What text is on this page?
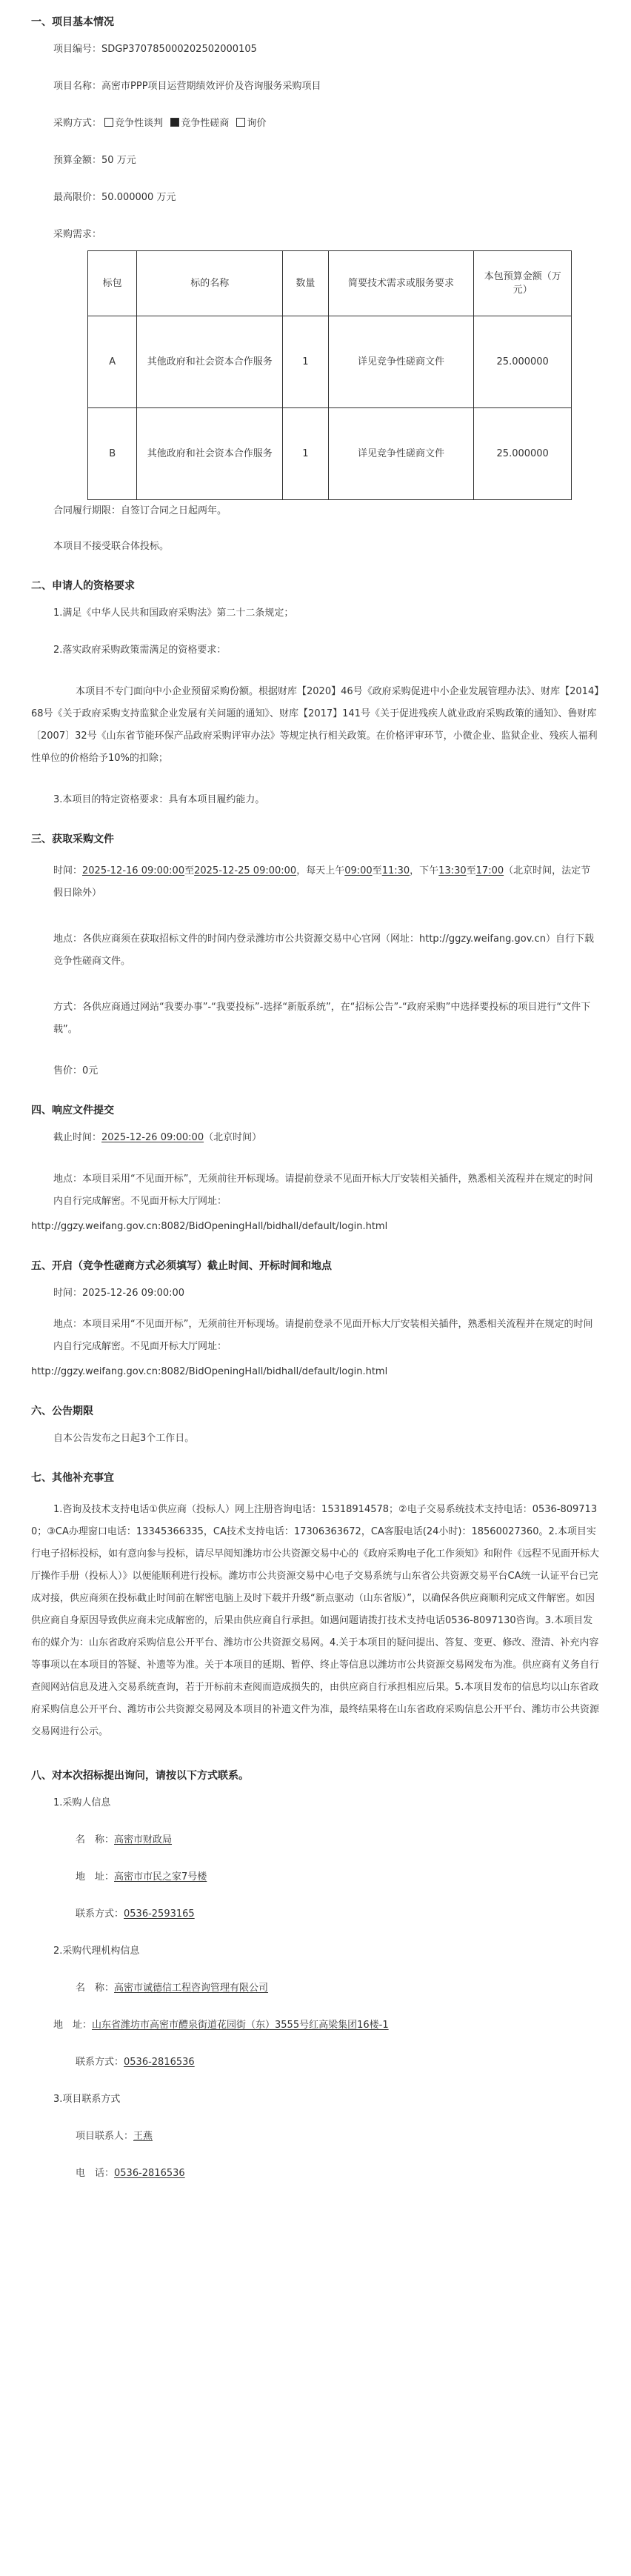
一、项目基本情况

项目编号：SDGP370785000202502000105

项目名称：高密市PPP项目运营期绩效评价及咨询服务采购项目

采购方式： 竞争性谈判 竞争性磋商 询价

预算金额：50 万元

最高限价：50.000000 万元

采购需求：

标包	标的名称	数量	简要技术需求或服务要求	本包预算金额（万元）
A	其他政府和社会资本合作服务	1	详见竞争性磋商文件	25.000000
B	其他政府和社会资本合作服务	1	详见竞争性磋商文件	25.000000

合同履行期限：自签订合同之日起两年。

本项目不接受联合体投标。

二、申请人的资格要求

1.满足《中华人民共和国政府采购法》第二十二条规定；

2.落实政府采购政策需满足的资格要求：

本项目不专门面向中小企业预留采购份额。根据财库【2020】46号《政府采购促进中小企业发展管理办法》、财库【2014】68号《关于政府采购支持监狱企业发展有关问题的通知》、财库【2017】141号《关于促进残疾人就业政府采购政策的通知》、鲁财库〔2007〕32号《山东省节能环保产品政府采购评审办法》等规定执行相关政策。在价格评审环节，小微企业、监狱企业、残疾人福利性单位的价格给予10%的扣除；

3.本项目的特定资格要求：具有本项目履约能力。

三、获取采购文件

时间：2025-12-16 09:00:00至2025-12-25 09:00:00，每天上午09:00至11:30，下午13:30至17:00（北京时间，法定节假日除外）

地点：各供应商须在获取招标文件的时间内登录潍坊市公共资源交易中心官网（网址：http://ggzy.weifang.gov.cn）自行下载竞争性磋商文件。

方式：各供应商通过网站“我要办事”-“我要投标”-选择“新版系统”，在“招标公告”-“政府采购”中选择要投标的项目进行“文件下载”。

售价：0元

四、响应文件提交

截止时间：2025-12-26 09:00:00（北京时间）

地点：本项目采用“不见面开标”，无须前往开标现场。请提前登录不见面开标大厅安装相关插件，熟悉相关流程并在规定的时间内自行完成解密。不见面开标大厅网址：

http://ggzy.weifang.gov.cn:8082/BidOpeningHall/bidhall/default/login.html

五、开启（竞争性磋商方式必须填写）截止时间、开标时间和地点

时间：2025-12-26 09:00:00

地点：本项目采用“不见面开标”，无须前往开标现场。请提前登录不见面开标大厅安装相关插件，熟悉相关流程并在规定的时间内自行完成解密。不见面开标大厅网址：

http://ggzy.weifang.gov.cn:8082/BidOpeningHall/bidhall/default/login.html

六、公告期限

自本公告发布之日起3个工作日。

七、其他补充事宜

1.咨询及技术支持电话①供应商（投标人）网上注册咨询电话：15318914578；②电子交易系统技术支持电话：0536-8097130；③CA办理窗口电话：13345366335，CA技术支持电话：17306363672，CA客服电话(24小时)：18560027360。2.本项目实行电子招标投标，如有意向参与投标，请尽早阅知潍坊市公共资源交易中心的《政府采购电子化工作须知》和附件《远程不见面开标大厅操作手册（投标人）》以便能顺利进行投标。潍坊市公共资源交易中心电子交易系统与山东省公共资源交易平台CA统一认证平台已完成对接，供应商须在投标截止时间前在解密电脑上及时下载并升级“新点驱动（山东省版）”，以确保各供应商顺利完成文件解密。如因供应商自身原因导致供应商未完成解密的，后果由供应商自行承担。如遇问题请拨打技术支持电话0536-8097130咨询。3.本项目发布的媒介为：山东省政府采购信息公开平台、潍坊市公共资源交易网。4.关于本项目的疑问提出、答复、变更、修改、澄清、补充内容等事项以在本项目的答疑、补遗等为准。关于本项目的延期、暂停、终止等信息以潍坊市公共资源交易网发布为准。供应商有义务自行查阅网站信息及进入交易系统查询，若于开标前未查阅而造成损失的，由供应商自行承担相应后果。5.本项目发布的信息均以山东省政府采购信息公开平台、潍坊市公共资源交易网及本项目的补遗文件为准，最终结果将在山东省政府采购信息公开平台、潍坊市公共资源交易网进行公示。

八、对本次招标提出询问，请按以下方式联系。

1.采购人信息

名　称：高密市财政局

地　址：高密市市民之家7号楼

联系方式：0536-2593165

2.采购代理机构信息

名　称：高密市诚德信工程咨询管理有限公司

地　址：山东省潍坊市高密市醴泉街道花园街（东）3555号红高梁集团16楼-1

联系方式：0536-2816536

3.项目联系方式

项目联系人：王燕

电　话：0536-2816536
